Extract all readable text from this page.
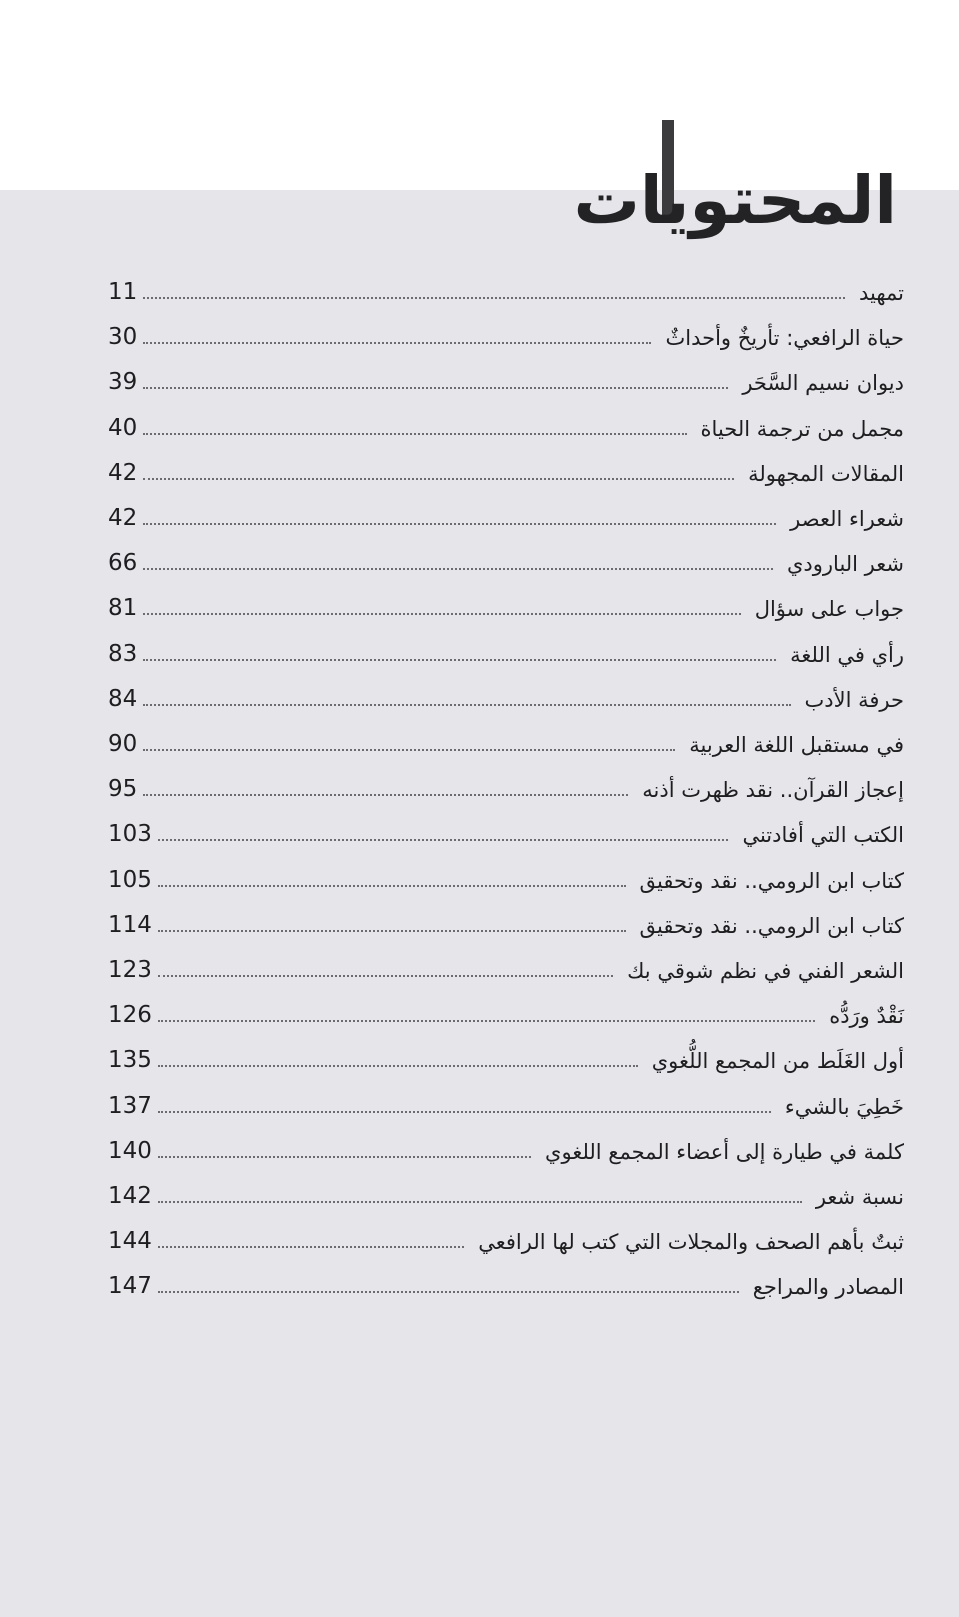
المحتويات
11	تمهيد
30	حياة الرافعي: تأريخٌ وأحداثٌ
39	ديوان نسيم السَّحَر
40	مجمل من ترجمة الحياة
42	المقالات المجهولة
42	شعراء العصر
66	شعر البارودي
81	جواب على سؤال
83	رأي في اللغة
84	حرفة الأدب
90	في مستقبل اللغة العربية
95	إعجاز القرآن.. نقد ظهرت أذنه
103	الكتب التي أفادتني
105	كتاب ابن الرومي.. نقد وتحقيق
114	كتاب ابن الرومي.. نقد وتحقيق
123	الشعر الفني في نظم شوقي بك
126	نَقْدٌ ورَدُّه
135	أول الغَلَط من المجمع اللُّغوي
137	خَطِيَ بالشيء
140	كلمة في طيارة إلى أعضاء المجمع اللغوي
142	نسبة شعر
144	ثبتٌ بأهم الصحف والمجلات التي كتب لها الرافعي
147	المصادر والمراجع
